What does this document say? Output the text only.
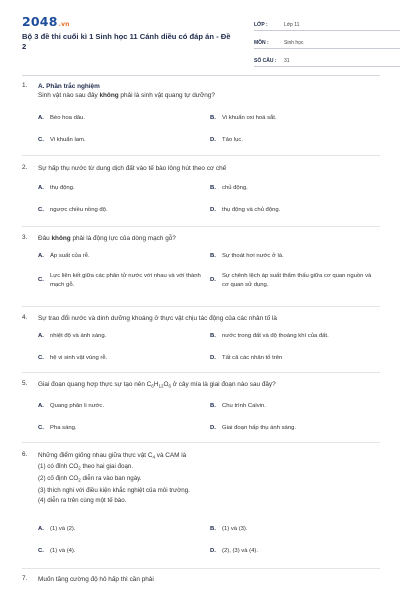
2048.vn
Bộ 3 đề thi cuối kì 1 Sinh học 11 Cánh diều có đáp án - Đề 2
LỚP :	Lớp 11
MÔN :	Sinh học
SỐ CÂU :	31
1. A. Phần trắc nghiệm
Sinh vật nào sau đây không phải là sinh vật quang tự dưỡng?
A. Bèo hoa dâu.	B. Vi khuẩn oxi hoá sắt.
C. Vi khuẩn lam.	D. Tảo lục.
2. Sự hấp thụ nước từ dung dịch đất vào tế bào lông hút theo cơ chế
A. thụ động.	B. chủ động.
C. ngược chiều nồng độ.	D. thụ động và chủ động.
3. Đâu không phải là động lực của dòng mạch gỗ?
A. Áp suất của rễ.	B. Sự thoát hơi nước ở lá.
C.
Lực liên kết giữa các phân tử nước với nhau và với thành mạch gỗ.
D.
Sự chênh lệch áp suất thẩm thấu giữa cơ quan nguồn và cơ quan sử dụng.
4. Sự trao đổi nước và dinh dưỡng khoáng ở thực vật chịu tác động của các nhân tố là
A. nhiệt độ và ánh sáng.	B. nước trong đất và độ thoáng khí của đất.
C. hệ vi sinh vật vùng rễ.	D. Tất cả các nhân tố trên
5. Giai đoạn quang hợp thực sự tạo nên $C_6H_{12}O_6$ ở cây mía là giai đoạn nào sau đây?
A. Quang phân li nước.	B. Chu trình Calvin.
C. Pha sáng.	D. Giai đoạn hấp thụ ánh sáng.
6. Những điểm giống nhau giữa thực vật $C_4$ và CAM là
(1) có đỉnh $CO_2$ theo hai giai đoạn.
(2) cố định $CO_2$ diễn ra vào ban ngày.
(3) thích nghi với điều kiện khắc nghiệt của môi trường.
(4) diễn ra trên cùng một tế bào.
A. (1) và (2).	B. (1) và (3).
C. (1) và (4).	D. (2), (3) và (4).
7. Muốn tăng cường độ hô hấp thì cần phải
